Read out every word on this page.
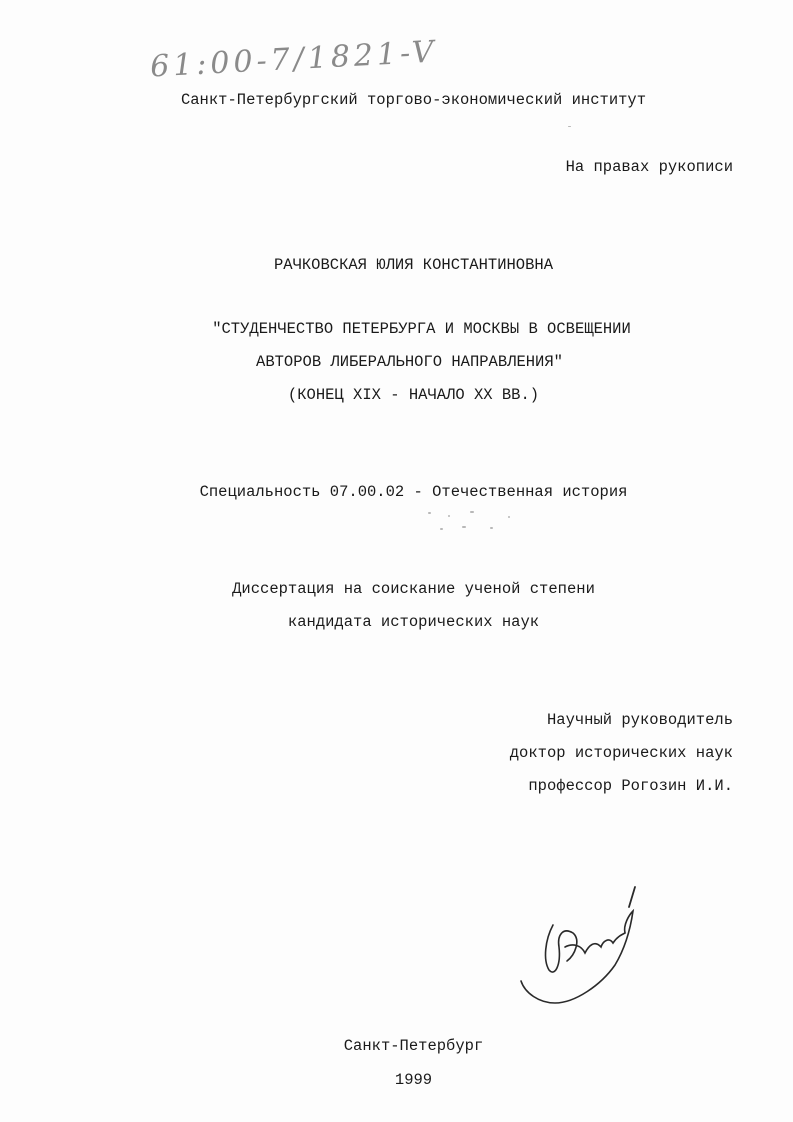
61:00-7/1821-V
Санкт-Петербургский торгово-экономический институт
На правах рукописи
РАЧКОВСКАЯ ЮЛИЯ КОНСТАНТИНОВНА
"СТУДЕНЧЕСТВО ПЕТЕРБУРГА И МОСКВЫ В ОСВЕЩЕНИИ
АВТОРОВ ЛИБЕРАЛЬНОГО НАПРАВЛЕНИЯ"
(КОНЕЦ XIX - НАЧАЛО XX ВВ.)
Специальность 07.00.02 - Отечественная история
Диссертация на соискание ученой степени
кандидата исторических наук
Научный руководитель
доктор исторических наук
профессор Рогозин И.И.
Санкт-Петербург
1999
